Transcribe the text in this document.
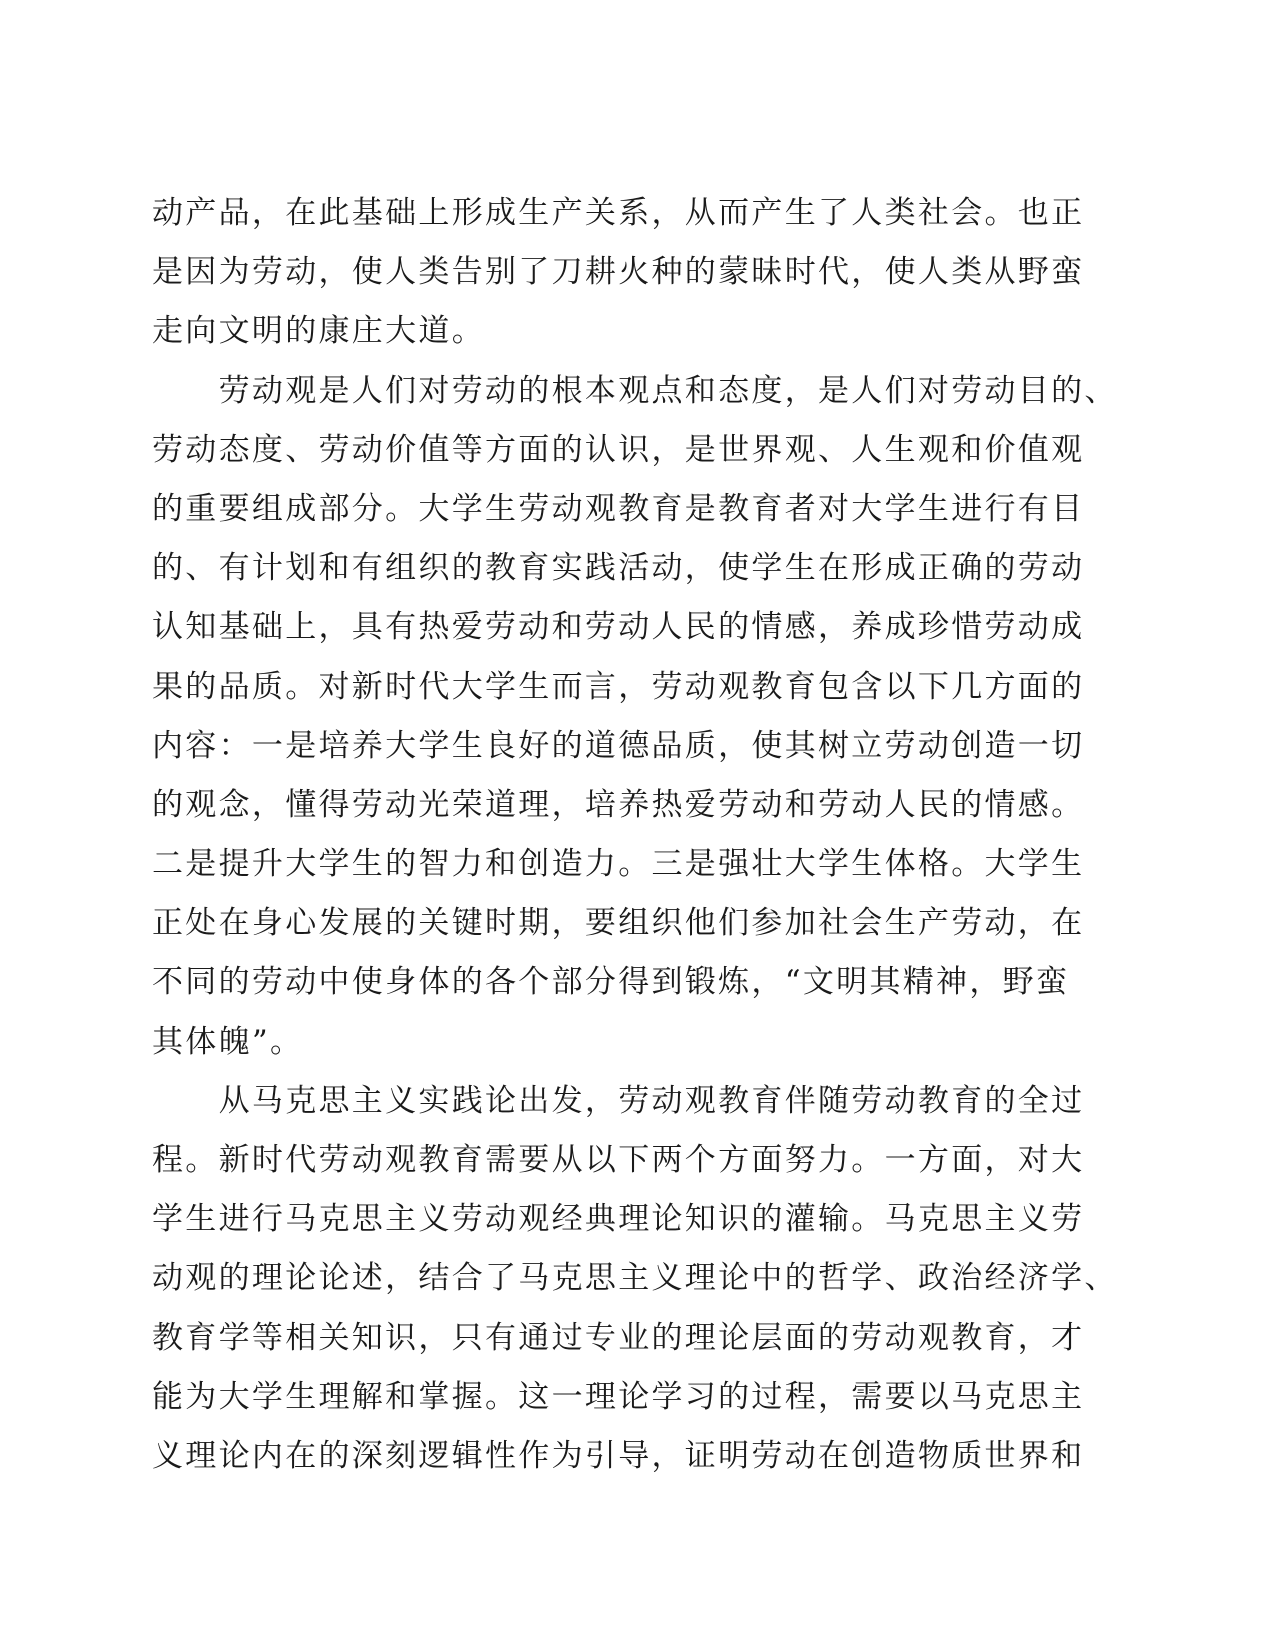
动产品，在此基础上形成生产关系，从而产生了人类社会。也正
是因为劳动，使人类告别了刀耕火种的蒙昧时代，使人类从野蛮
走向文明的康庄大道。
　　劳动观是人们对劳动的根本观点和态度，是人们对劳动目的、
劳动态度、劳动价值等方面的认识，是世界观、人生观和价值观
的重要组成部分。大学生劳动观教育是教育者对大学生进行有目
的、有计划和有组织的教育实践活动，使学生在形成正确的劳动
认知基础上，具有热爱劳动和劳动人民的情感，养成珍惜劳动成
果的品质。对新时代大学生而言，劳动观教育包含以下几方面的
内容：一是培养大学生良好的道德品质，使其树立劳动创造一切
的观念，懂得劳动光荣道理，培养热爱劳动和劳动人民的情感。
二是提升大学生的智力和创造力。三是强壮大学生体格。大学生
正处在身心发展的关键时期，要组织他们参加社会生产劳动，在
不同的劳动中使身体的各个部分得到锻炼，“文明其精神，野蛮
其体魄”。
　　从马克思主义实践论出发，劳动观教育伴随劳动教育的全过
程。新时代劳动观教育需要从以下两个方面努力。一方面，对大
学生进行马克思主义劳动观经典理论知识的灌输。马克思主义劳
动观的理论论述，结合了马克思主义理论中的哲学、政治经济学、
教育学等相关知识，只有通过专业的理论层面的劳动观教育，才
能为大学生理解和掌握。这一理论学习的过程，需要以马克思主
义理论内在的深刻逻辑性作为引导，证明劳动在创造物质世界和
